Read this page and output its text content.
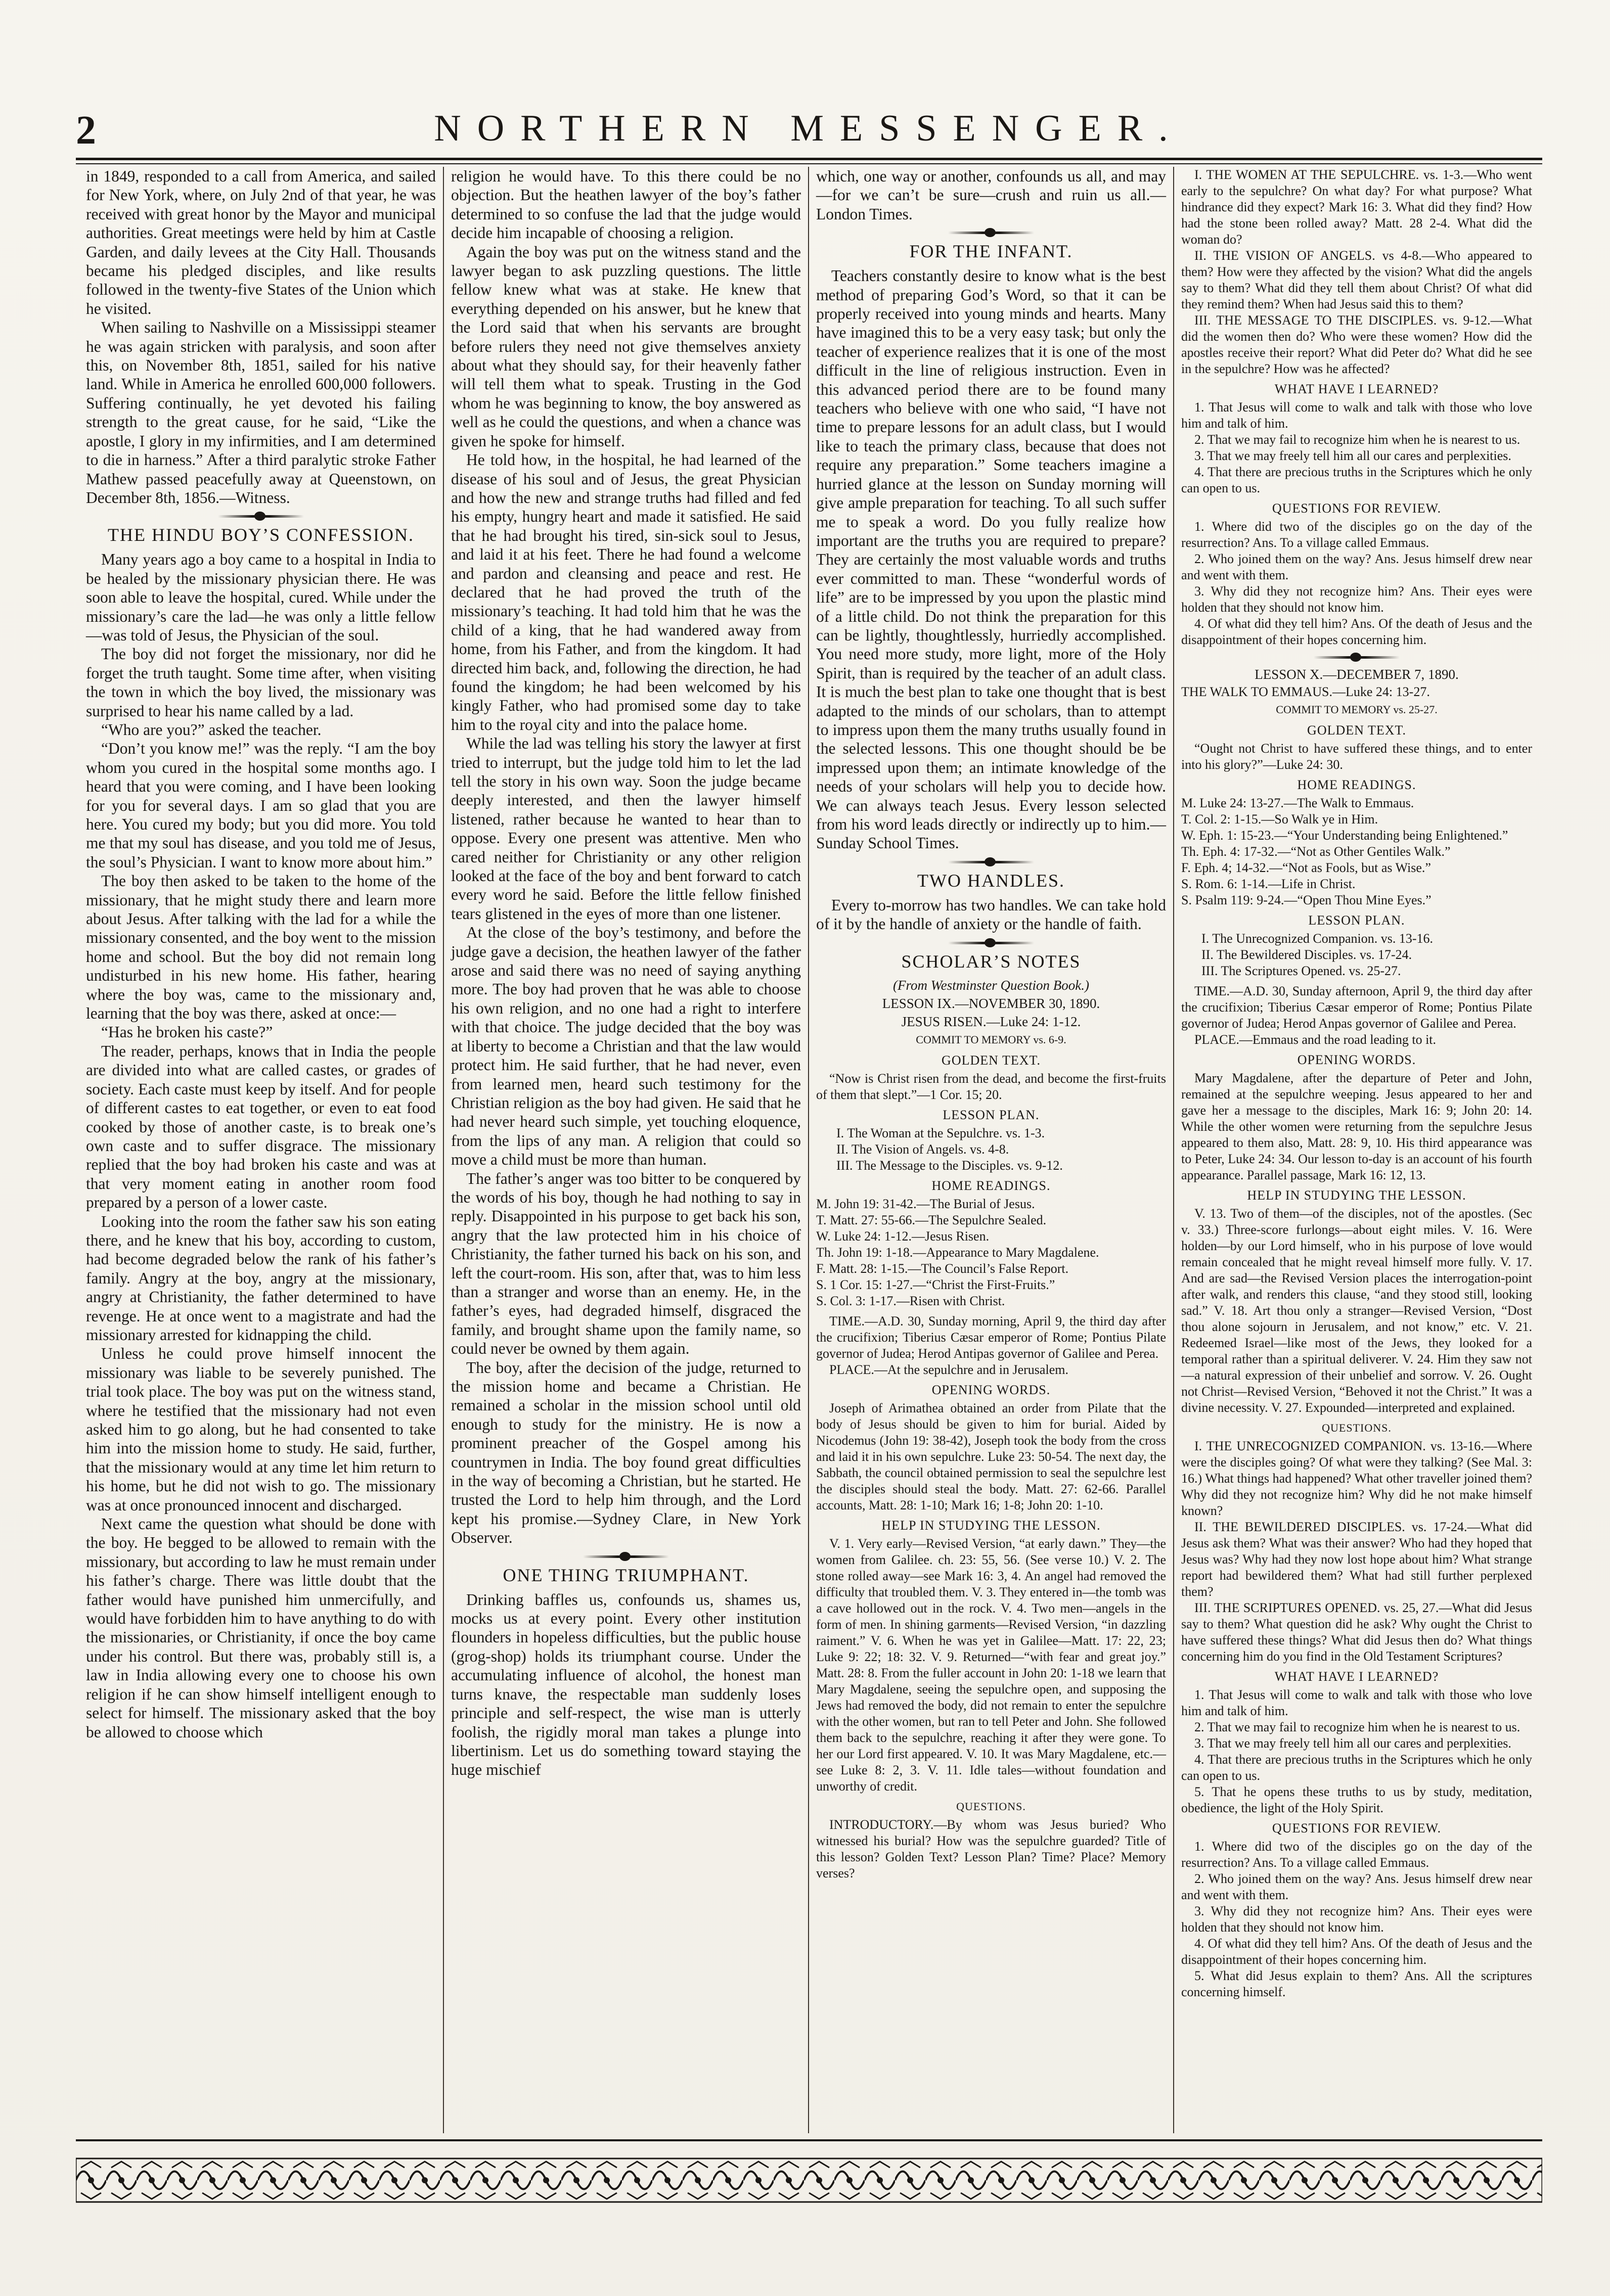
2	NORTHERN MESSENGER.

in 1849, responded to a call from America, and sailed for New York, where, on July 2nd of that year, he was received with great honor by the Mayor and municipal authorities. Great meetings were held by him at Castle Garden, and daily levees at the City Hall. Thousands became his pledged disciples, and like results followed in the twenty-five States of the Union which he visited.

When sailing to Nashville on a Mississippi steamer he was again stricken with paralysis, and soon after this, on November 8th, 1851, sailed for his native land. While in America he enrolled 600,000 followers. Suffering continually, he yet devoted his failing strength to the great cause, for he said, “Like the apostle, I glory in my infirmities, and I am determined to die in harness.” After a third paralytic stroke Father Mathew passed peacefully away at Queenstown, on December 8th, 1856.—Witness.

THE HINDU BOY’S CONFESSION.

Many years ago a boy came to a hospital in India to be healed by the missionary physician there. He was soon able to leave the hospital, cured. While under the missionary’s care the lad—he was only a little fellow—was told of Jesus, the Physician of the soul.

The boy did not forget the missionary, nor did he forget the truth taught. Some time after, when visiting the town in which the boy lived, the missionary was surprised to hear his name called by a lad.

“Who are you?” asked the teacher.

“Don’t you know me!” was the reply. “I am the boy whom you cured in the hospital some months ago. I heard that you were coming, and I have been looking for you for several days. I am so glad that you are here. You cured my body; but you did more. You told me that my soul has disease, and you told me of Jesus, the soul’s Physician. I want to know more about him.”

The boy then asked to be taken to the home of the missionary, that he might study there and learn more about Jesus. After talking with the lad for a while the missionary consented, and the boy went to the mission home and school. But the boy did not remain long undisturbed in his new home. His father, hearing where the boy was, came to the missionary and, learning that the boy was there, asked at once:—

“Has he broken his caste?”

The reader, perhaps, knows that in India the people are divided into what are called castes, or grades of society. Each caste must keep by itself. And for people of different castes to eat together, or even to eat food cooked by those of another caste, is to break one’s own caste and to suffer disgrace. The missionary replied that the boy had broken his caste and was at that very moment eating in another room food prepared by a person of a lower caste.

Looking into the room the father saw his son eating there, and he knew that his boy, according to custom, had become degraded below the rank of his father’s family. Angry at the boy, angry at the missionary, angry at Christianity, the father determined to have revenge. He at once went to a magistrate and had the missionary arrested for kidnapping the child.

Unless he could prove himself innocent the missionary was liable to be severely punished. The trial took place. The boy was put on the witness stand, where he testified that the missionary had not even asked him to go along, but he had consented to take him into the mission home to study. He said, further, that the missionary would at any time let him return to his home, but he did not wish to go. The missionary was at once pronounced innocent and discharged.

Next came the question what should be done with the boy. He begged to be allowed to remain with the missionary, but according to law he must remain under his father’s charge. There was little doubt that the father would have punished him unmercifully, and would have forbidden him to have anything to do with the missionaries, or Christianity, if once the boy came under his control. But there was, probably still is, a law in India allowing every one to choose his own religion if he can show himself intelligent enough to select for himself. The missionary asked that the boy be allowed to choose which

religion he would have. To this there could be no objection. But the heathen lawyer of the boy’s father determined to so confuse the lad that the judge would decide him incapable of choosing a religion.

Again the boy was put on the witness stand and the lawyer began to ask puzzling questions. The little fellow knew what was at stake. He knew that everything depended on his answer, but he knew that the Lord said that when his servants are brought before rulers they need not give themselves anxiety about what they should say, for their heavenly father will tell them what to speak. Trusting in the God whom he was beginning to know, the boy answered as well as he could the questions, and when a chance was given he spoke for himself.

He told how, in the hospital, he had learned of the disease of his soul and of Jesus, the great Physician and how the new and strange truths had filled and fed his empty, hungry heart and made it satisfied. He said that he had brought his tired, sin-sick soul to Jesus, and laid it at his feet. There he had found a welcome and pardon and cleansing and peace and rest. He declared that he had proved the truth of the missionary’s teaching. It had told him that he was the child of a king, that he had wandered away from home, from his Father, and from the kingdom. It had directed him back, and, following the direction, he had found the kingdom; he had been welcomed by his kingly Father, who had promised some day to take him to the royal city and into the palace home.

While the lad was telling his story the lawyer at first tried to interrupt, but the judge told him to let the lad tell the story in his own way. Soon the judge became deeply interested, and then the lawyer himself listened, rather because he wanted to hear than to oppose. Every one present was attentive. Men who cared neither for Christianity or any other religion looked at the face of the boy and bent forward to catch every word he said. Before the little fellow finished tears glistened in the eyes of more than one listener.

At the close of the boy’s testimony, and before the judge gave a decision, the heathen lawyer of the father arose and said there was no need of saying anything more. The boy had proven that he was able to choose his own religion, and no one had a right to interfere with that choice. The judge decided that the boy was at liberty to become a Christian and that the law would protect him. He said further, that he had never, even from learned men, heard such testimony for the Christian religion as the boy had given. He said that he had never heard such simple, yet touching eloquence, from the lips of any man. A religion that could so move a child must be more than human.

The father’s anger was too bitter to be conquered by the words of his boy, though he had nothing to say in reply. Disappointed in his purpose to get back his son, angry that the law protected him in his choice of Christianity, the father turned his back on his son, and left the court-room. His son, after that, was to him less than a stranger and worse than an enemy. He, in the father’s eyes, had degraded himself, disgraced the family, and brought shame upon the family name, so could never be owned by them again.

The boy, after the decision of the judge, returned to the mission home and became a Christian. He remained a scholar in the mission school until old enough to study for the ministry. He is now a prominent preacher of the Gospel among his countrymen in India. The boy found great difficulties in the way of becoming a Christian, but he started. He trusted the Lord to help him through, and the Lord kept his promise.—Sydney Clare, in New York Observer.

ONE THING TRIUMPHANT.

Drinking baffles us, confounds us, shames us, mocks us at every point. Every other institution flounders in hopeless difficulties, but the public house (grog-shop) holds its triumphant course. Under the accumulating influence of alcohol, the honest man turns knave, the respectable man suddenly loses principle and self-respect, the wise man is utterly foolish, the rigidly moral man takes a plunge into libertinism. Let us do something toward staying the huge mischief

which, one way or another, confounds us all, and may—for we can’t be sure—crush and ruin us all.—London Times.

FOR THE INFANT.

Teachers constantly desire to know what is the best method of preparing God’s Word, so that it can be properly received into young minds and hearts. Many have imagined this to be a very easy task; but only the teacher of experience realizes that it is one of the most difficult in the line of religious instruction. Even in this advanced period there are to be found many teachers who believe with one who said, “I have not time to prepare lessons for an adult class, but I would like to teach the primary class, because that does not require any preparation.” Some teachers imagine a hurried glance at the lesson on Sunday morning will give ample preparation for teaching. To all such suffer me to speak a word. Do you fully realize how important are the truths you are required to prepare? They are certainly the most valuable words and truths ever committed to man. These “wonderful words of life” are to be impressed by you upon the plastic mind of a little child. Do not think the preparation for this can be lightly, thoughtlessly, hurriedly accomplished. You need more study, more light, more of the Holy Spirit, than is required by the teacher of an adult class. It is much the best plan to take one thought that is best adapted to the minds of our scholars, than to attempt to impress upon them the many truths usually found in the selected lessons. This one thought should be be impressed upon them; an intimate knowledge of the needs of your scholars will help you to decide how. We can always teach Jesus. Every lesson selected from his word leads directly or indirectly up to him.—Sunday School Times.

TWO HANDLES.

Every to-morrow has two handles. We can take hold of it by the handle of anxiety or the handle of faith.

SCHOLAR’S NOTES
(From Westminster Question Book.)
LESSON IX.—NOVEMBER 30, 1890.
JESUS RISEN.—Luke 24: 1-12.
COMMIT TO MEMORY vs. 6-9.
GOLDEN TEXT.

“Now is Christ risen from the dead, and become the first-fruits of them that slept.”—1 Cor. 15; 20.

LESSON PLAN.
I. The Woman at the Sepulchre. vs. 1-3.
II. The Vision of Angels. vs. 4-8.
III. The Message to the Disciples. vs. 9-12.
HOME READINGS.
M. John 19: 31-42.—The Burial of Jesus.
T. Matt. 27: 55-66.—The Sepulchre Sealed.
W. Luke 24: 1-12.—Jesus Risen.
Th. John 19: 1-18.—Appearance to Mary Magdalene.
F. Matt. 28: 1-15.—The Council’s False Report.
S. 1 Cor. 15: 1-27.—“Christ the First-Fruits.”
S. Col. 3: 1-17.—Risen with Christ.

TIME.—A.D. 30, Sunday morning, April 9, the third day after the crucifixion; Tiberius Cæsar emperor of Rome; Pontius Pilate governor of Judea; Herod Antipas governor of Galilee and Perea.

PLACE.—At the sepulchre and in Jerusalem.

OPENING WORDS.

Joseph of Arimathea obtained an order from Pilate that the body of Jesus should be given to him for burial. Aided by Nicodemus (John 19: 38-42), Joseph took the body from the cross and laid it in his own sepulchre. Luke 23: 50-54. The next day, the Sabbath, the council obtained permission to seal the sepulchre lest the disciples should steal the body. Matt. 27: 62-66. Parallel accounts, Matt. 28: 1-10; Mark 16; 1-8; John 20: 1-10.

HELP IN STUDYING THE LESSON.

V. 1. Very early—Revised Version, “at early dawn.” They—the women from Galilee. ch. 23: 55, 56. (See verse 10.) V. 2. The stone rolled away—see Mark 16: 3, 4. An angel had removed the difficulty that troubled them. V. 3. They entered in—the tomb was a cave hollowed out in the rock. V. 4. Two men—angels in the form of men. In shining garments—Revised Version, “in dazzling raiment.” V. 6. When he was yet in Galilee—Matt. 17: 22, 23; Luke 9: 22; 18: 32. V. 9. Returned—“with fear and great joy.” Matt. 28: 8. From the fuller account in John 20: 1-18 we learn that Mary Magdalene, seeing the sepulchre open, and supposing the Jews had removed the body, did not remain to enter the sepulchre with the other women, but ran to tell Peter and John. She followed them back to the sepulchre, reaching it after they were gone. To her our Lord first appeared. V. 10. It was Mary Magdalene, etc.—see Luke 8: 2, 3. V. 11. Idle tales—without foundation and unworthy of credit.

QUESTIONS.

INTRODUCTORY.—By whom was Jesus buried? Who witnessed his burial? How was the sepulchre guarded? Title of this lesson? Golden Text? Lesson Plan? Time? Place? Memory verses?

I. THE WOMEN AT THE SEPULCHRE. vs. 1-3.—Who went early to the sepulchre? On what day? For what purpose? What hindrance did they expect? Mark 16: 3. What did they find? How had the stone been rolled away? Matt. 28 2-4. What did the woman do?

II. THE VISION OF ANGELS. vs 4-8.—Who appeared to them? How were they affected by the vision? What did the angels say to them? What did they tell them about Christ? Of what did they remind them? When had Jesus said this to them?

III. THE MESSAGE TO THE DISCIPLES. vs. 9-12.—What did the women then do? Who were these women? How did the apostles receive their report? What did Peter do? What did he see in the sepulchre? How was he affected?

WHAT HAVE I LEARNED?

1. That Jesus will come to walk and talk with those who love him and talk of him.

2. That we may fail to recognize him when he is nearest to us.

3. That we may freely tell him all our cares and perplexities.

4. That there are precious truths in the Scriptures which he only can open to us.

QUESTIONS FOR REVIEW.

1. Where did two of the disciples go on the day of the resurrection? Ans. To a village called Emmaus.

2. Who joined them on the way? Ans. Jesus himself drew near and went with them.

3. Why did they not recognize him? Ans. Their eyes were holden that they should not know him.

4. Of what did they tell him? Ans. Of the death of Jesus and the disappointment of their hopes concerning him.

LESSON X.—DECEMBER 7, 1890.
THE WALK TO EMMAUS.—Luke 24: 13-27.
COMMIT TO MEMORY vs. 25-27.
GOLDEN TEXT.

“Ought not Christ to have suffered these things, and to enter into his glory?”—Luke 24: 30.

HOME READINGS.
M. Luke 24: 13-27.—The Walk to Emmaus.
T. Col. 2: 1-15.—So Walk ye in Him.
W. Eph. 1: 15-23.—“Your Understanding being Enlightened.”
Th. Eph. 4: 17-32.—“Not as Other Gentiles Walk.”
F. Eph. 4; 14-32.—“Not as Fools, but as Wise.”
S. Rom. 6: 1-14.—Life in Christ.
S. Psalm 119: 9-24.—“Open Thou Mine Eyes.”
LESSON PLAN.
I. The Unrecognized Companion. vs. 13-16.
II. The Bewildered Disciples. vs. 17-24.
III. The Scriptures Opened. vs. 25-27.

TIME.—A.D. 30, Sunday afternoon, April 9, the third day after the crucifixion; Tiberius Cæsar emperor of Rome; Pontius Pilate governor of Judea; Herod Anpas governor of Galilee and Perea.

PLACE.—Emmaus and the road leading to it.

OPENING WORDS.

Mary Magdalene, after the departure of Peter and John, remained at the sepulchre weeping. Jesus appeared to her and gave her a message to the disciples, Mark 16: 9; John 20: 14. While the other women were returning from the sepulchre Jesus appeared to them also, Matt. 28: 9, 10. His third appearance was to Peter, Luke 24: 34. Our lesson to-day is an account of his fourth appearance. Parallel passage, Mark 16: 12, 13.

HELP IN STUDYING THE LESSON.

V. 13. Two of them—of the disciples, not of the apostles. (Sec v. 33.) Three-score furlongs—about eight miles. V. 16. Were holden—by our Lord himself, who in his purpose of love would remain concealed that he might reveal himself more fully. V. 17. And are sad—the Revised Version places the interrogation-point after walk, and renders this clause, “and they stood still, looking sad.” V. 18. Art thou only a stranger—Revised Version, “Dost thou alone sojourn in Jerusalem, and not know,” etc. V. 21. Redeemed Israel—like most of the Jews, they looked for a temporal rather than a spiritual deliverer. V. 24. Him they saw not—a natural expression of their unbelief and sorrow. V. 26. Ought not Christ—Revised Version, “Behoved it not the Christ.” It was a divine necessity. V. 27. Expounded—interpreted and explained.

QUESTIONS.

I. THE UNRECOGNIZED COMPANION. vs. 13-16.—Where were the disciples going? Of what were they talking? (See Mal. 3: 16.) What things had happened? What other traveller joined them? Why did they not recognize him? Why did he not make himself known?

II. THE BEWILDERED DISCIPLES. vs. 17-24.—What did Jesus ask them? What was their answer? Who had they hoped that Jesus was? Why had they now lost hope about him? What strange report had bewildered them? What had still further perplexed them?

III. THE SCRIPTURES OPENED. vs. 25, 27.—What did Jesus say to them? What question did he ask? Why ought the Christ to have suffered these things? What did Jesus then do? What things concerning him do you find in the Old Testament Scriptures?

WHAT HAVE I LEARNED?

1. That Jesus will come to walk and talk with those who love him and talk of him.

2. That we may fail to recognize him when he is nearest to us.

3. That we may freely tell him all our cares and perplexities.

4. That there are precious truths in the Scriptures which he only can open to us.

5. That he opens these truths to us by study, meditation, obedience, the light of the Holy Spirit.

QUESTIONS FOR REVIEW.

1. Where did two of the disciples go on the day of the resurrection? Ans. To a village called Emmaus.

2. Who joined them on the way? Ans. Jesus himself drew near and went with them.

3. Why did they not recognize him? Ans. Their eyes were holden that they should not know him.

4. Of what did they tell him? Ans. Of the death of Jesus and the disappointment of their hopes concerning him.

5. What did Jesus explain to them? Ans. All the scriptures concerning himself.
